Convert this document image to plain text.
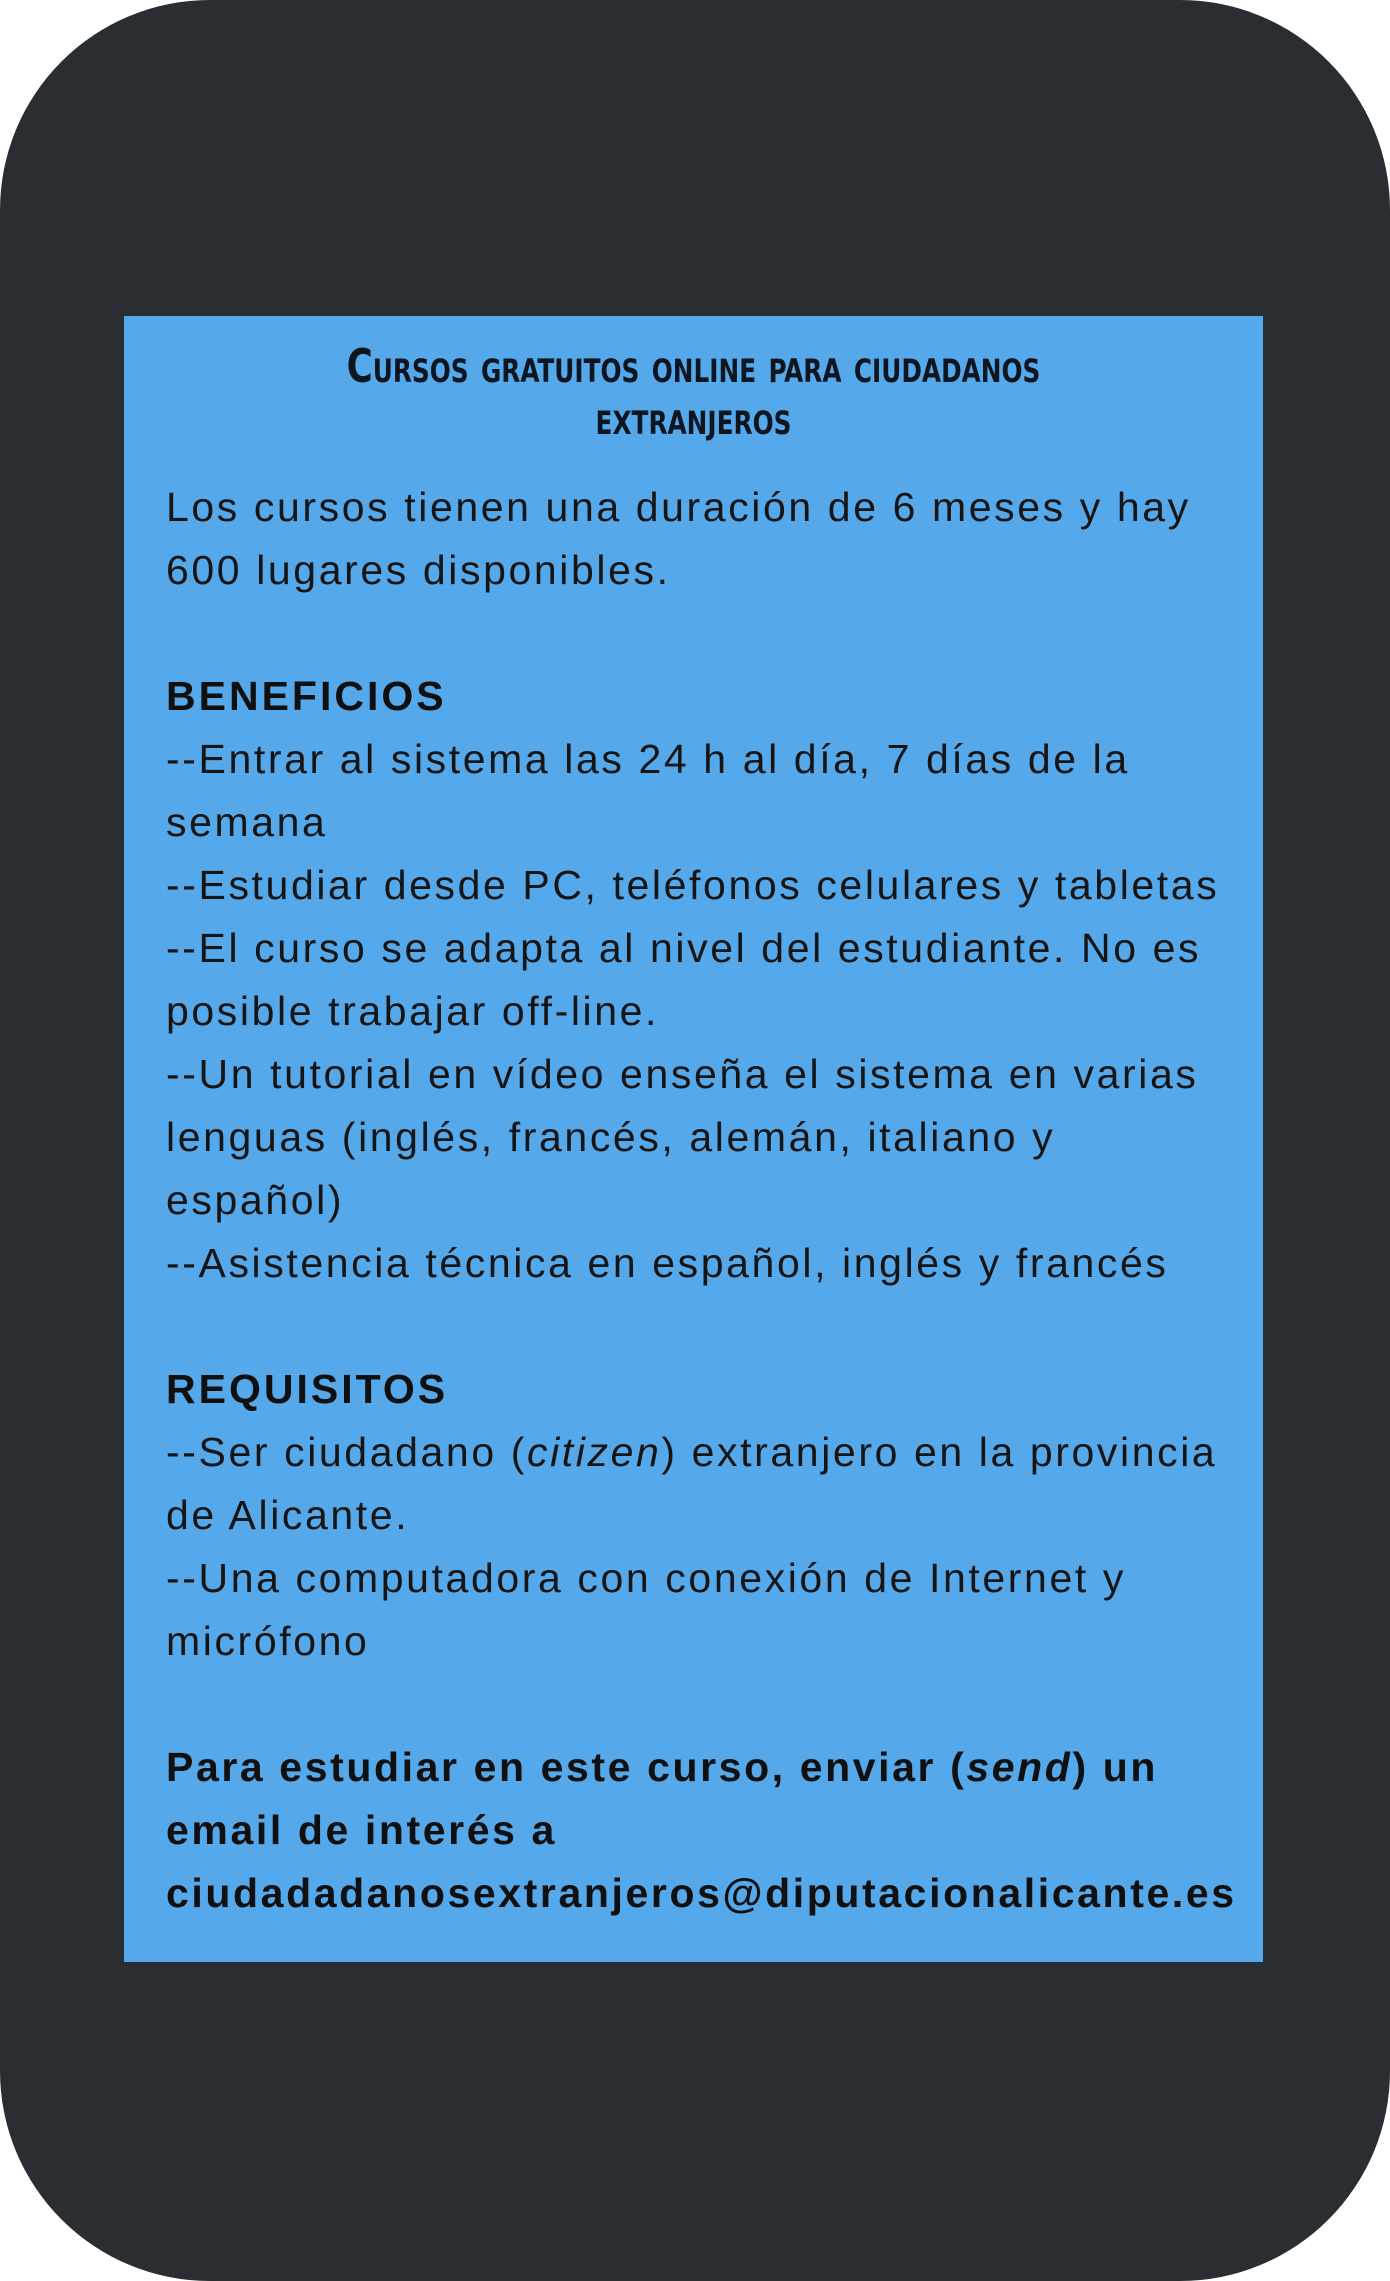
Cursos gratuitos online para ciudadanos
extranjeros

Los cursos tienen una duración de 6 meses y hay

600 lugares disponibles.

BENEFICIOS

--Entrar al sistema las 24 h al día, 7 días de la

semana

--Estudiar desde PC, teléfonos celulares y tabletas

--El curso se adapta al nivel del estudiante. No es

posible trabajar off-line.

--Un tutorial en vídeo enseña el sistema en varias

lenguas (inglés, francés, alemán, italiano y

español)

--Asistencia técnica en español, inglés y francés

REQUISITOS

--Ser ciudadano (citizen) extranjero en la provincia

de Alicante.

--Una computadora con conexión de Internet y

micrófono

Para estudiar en este curso, enviar (send) un

email de interés a

ciudadadanosextranjeros@diputacionalicante.es
